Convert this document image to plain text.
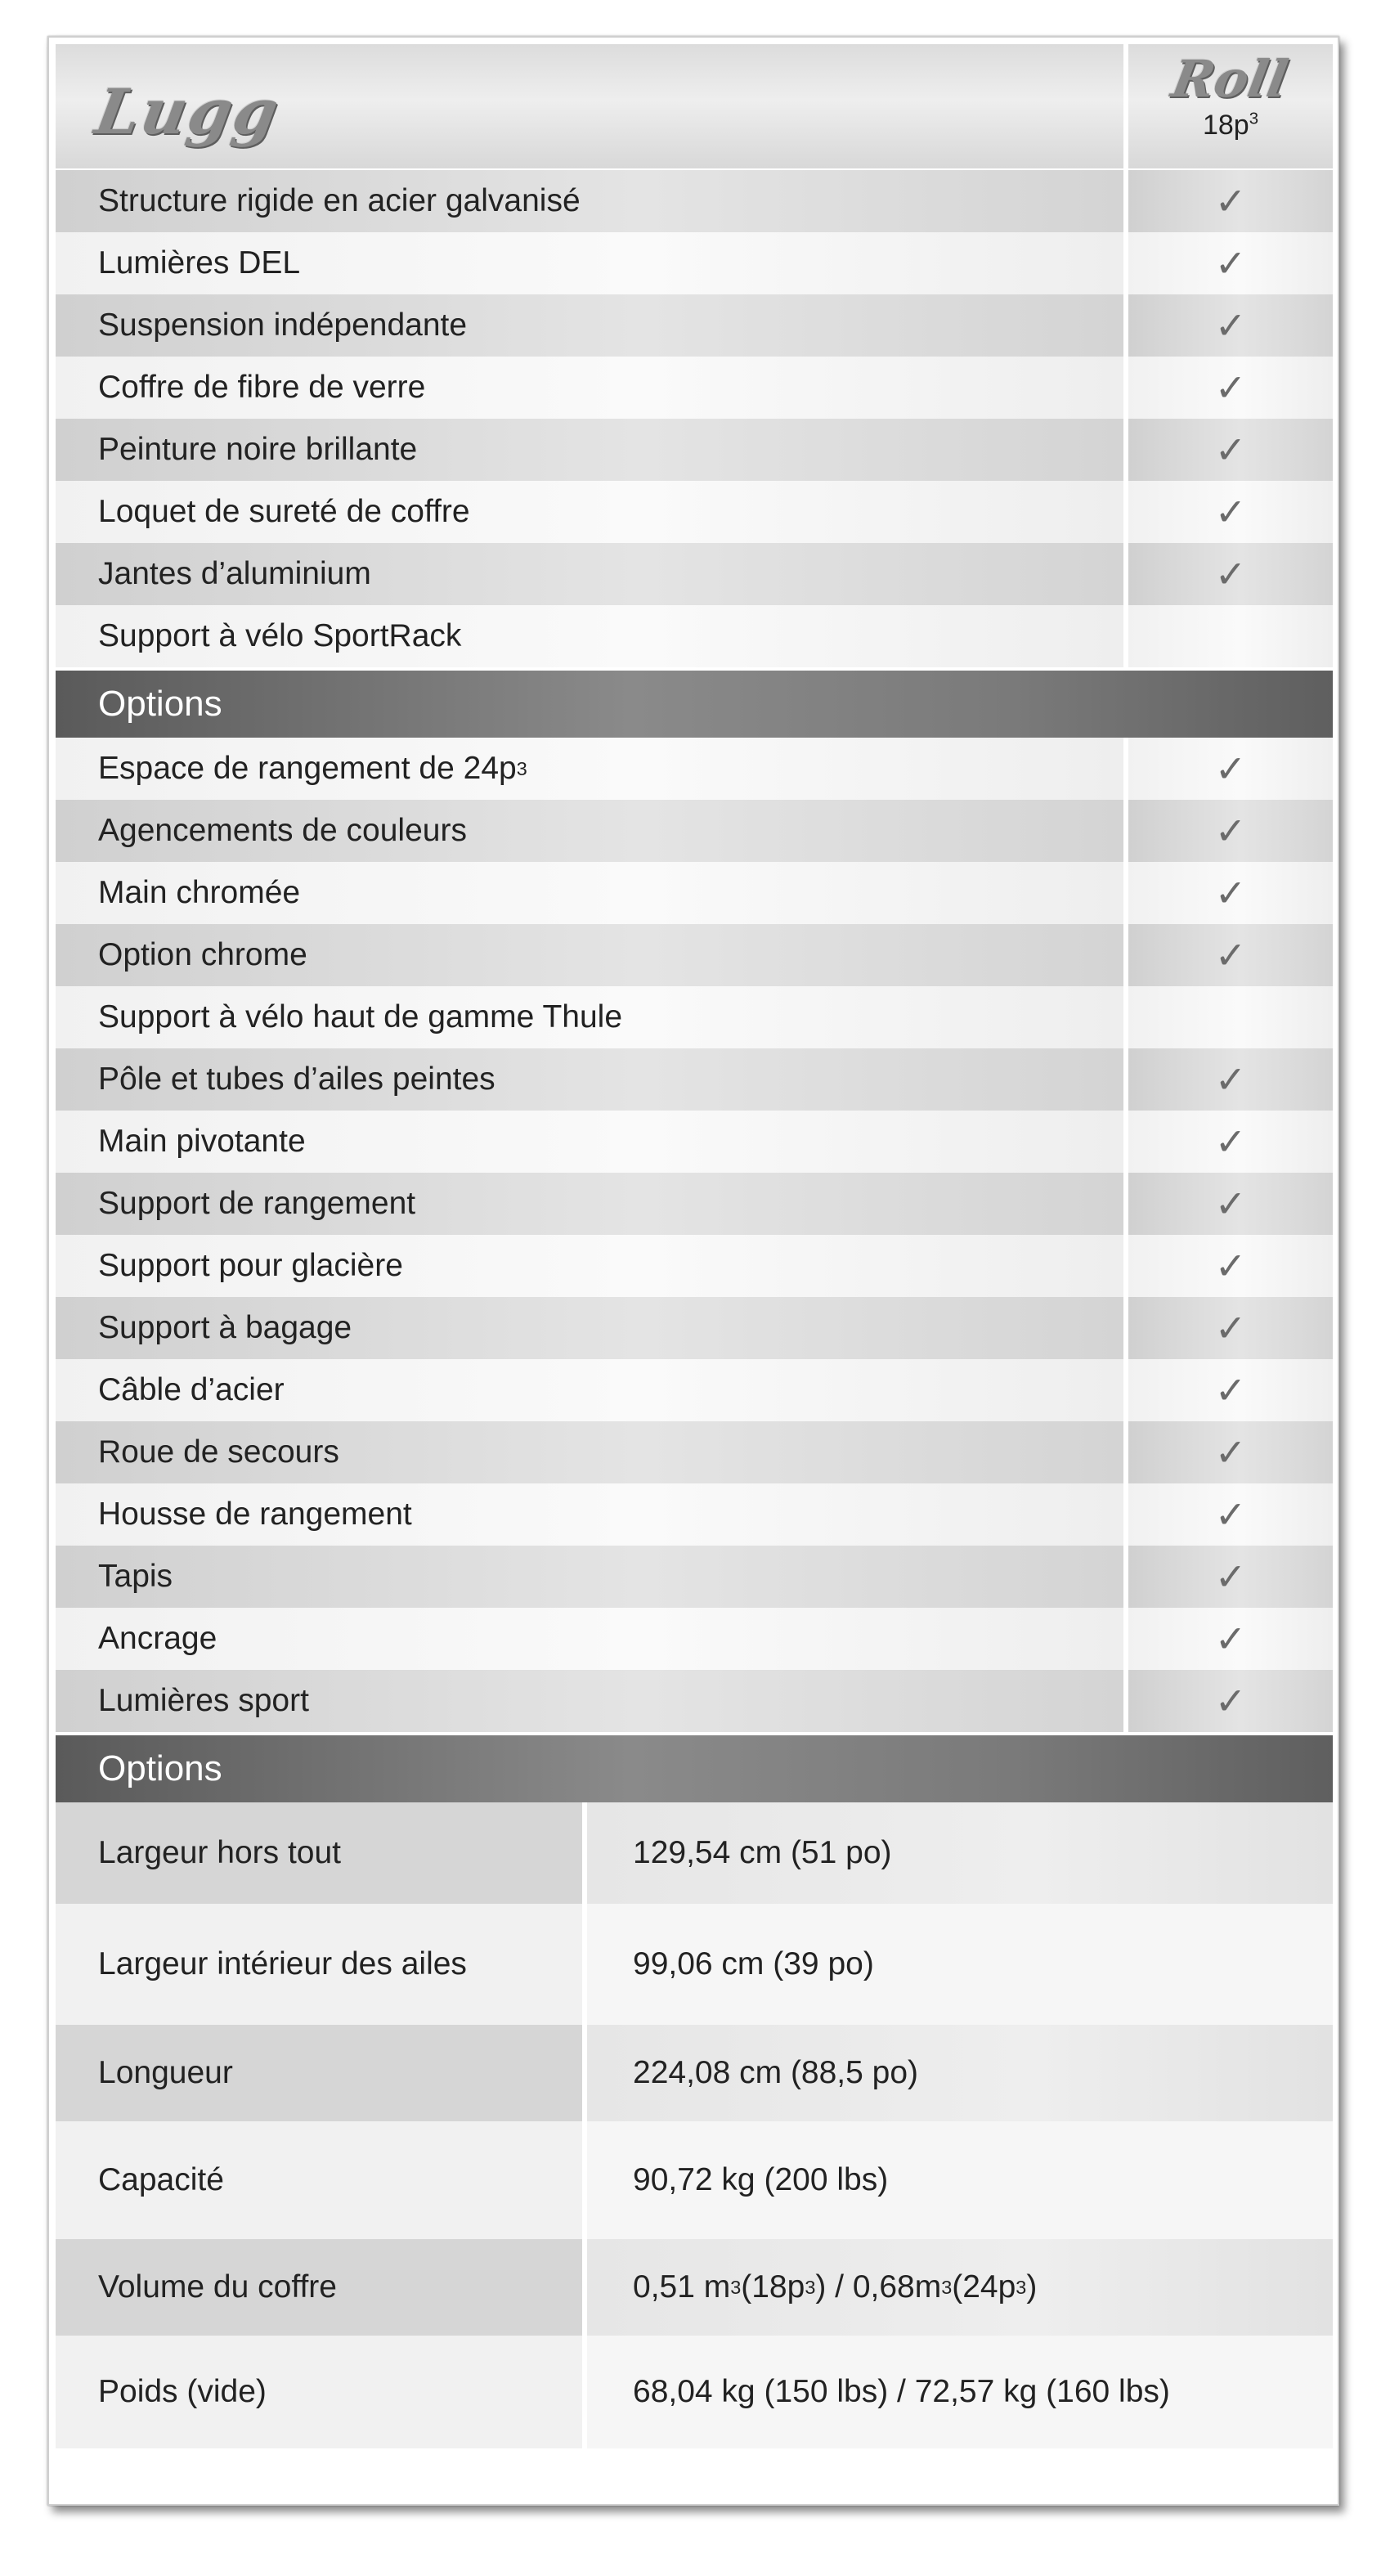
Lugg	Roll
$18p^3$
Structure rigide en acier galvanisé	✓
Lumières DEL	✓
Suspension indépendante	✓
Coffre de fibre de verre	✓
Peinture noire brillante	✓
Loquet de sureté de coffre	✓
Jantes d’aluminium	✓
Support à vélo SportRack
Options
Espace de rangement de 24p 3	✓
Agencements de couleurs	✓
Main chromée	✓
Option chrome	✓
Support à vélo haut de gamme Thule
Pôle et tubes d’ailes peintes	✓
Main pivotante	✓
Support de rangement	✓
Support pour glacière	✓
Support à bagage	✓
Câble d’acier	✓
Roue de secours	✓
Housse de rangement	✓
Tapis	✓
Ancrage	✓
Lumières sport	✓
Options
Largeur hors tout	129,54 cm (51 po)
Largeur intérieur des ailes	99,06 cm (39 po)
Longueur	224,08 cm (88,5 po)
Capacité	90,72 kg (200 lbs)
Volume du coffre	0,51 m 3 (18p 3 ) / 0,68m 3 (24p 3 )
Poids (vide)	68,04 kg (150 lbs) / 72,57 kg (160 lbs)
